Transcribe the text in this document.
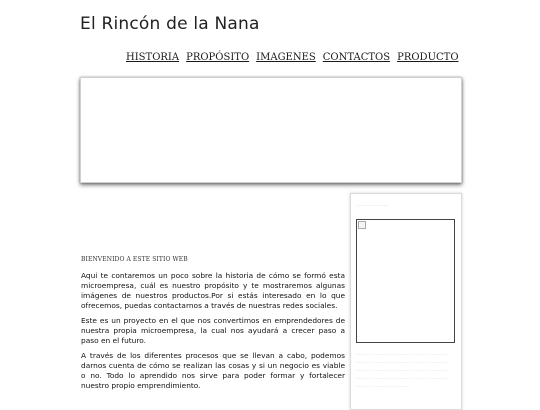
El Rincón de la Nana
HISTORIA PROPÓSITO IMAGENES CONTACTOS PRODUCTO

BIENVENIDO A ESTE SITIO WEB

Aqui te contaremos un poco sobre la historia de cómo se formó esta microempresa, cuál es nuestro propósito y te mostraremos algunas imágenes de nuestros productos.Por si estás interesado en lo que ofrecemos, puedas contactarnos a través de nuestras redes sociales.

Este es un proyecto en el que nos convertimos en emprendedores de nuestra propia microempresa, la cual nos ayudará a crecer paso a paso en el futuro.

A través de los diferentes procesos que se llevan a cabo, podemos darnos cuenta de cómo se realizan las cosas y si un negocio es viable o no. Todo lo aprendido nos sirve para poder formar y fortalecer nuestro propio emprendimiento.

—————
——— ——— ——— ——— ——— ——— ——— ——— ——— ——— ——— ——— ——— ——— ——— ——— ——— ——— ——— ——— ——— ——— ———
